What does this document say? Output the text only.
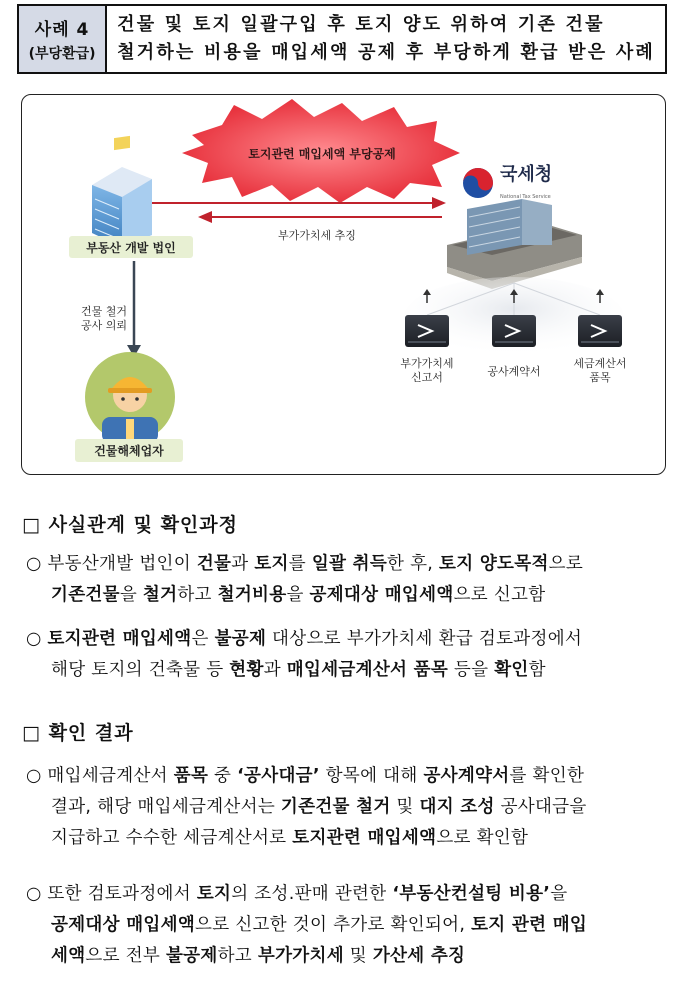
사례 4
(부당환급)
건물 및 토지 일괄구입 후 토지 양도 위하여 기존 건물
철거하는 비용을 매입세액 공제 후 부당하게 환급 받은 사례
토지관련 매입세액 부당공제
부가가치세 추징
부동산 개발 법인
건물 철거
공사 의뢰
건물해체업자
국세청
National Tax Service
부가가치세
신고서	공사계약서
세금계산서
품목
□ 사실관계 및 확인과정
○ 부동산개발 법인이 건물과 토지를 일괄 취득한 후, 토지 양도목적으로
기존건물을 철거하고 철거비용을 공제대상 매입세액으로 신고함
○ 토지관련 매입세액은 불공제 대상으로 부가가치세 환급 검토과정에서
해당 토지의 건축물 등 현황과 매입세금계산서 품목 등을 확인함
□ 확인 결과
○ 매입세금계산서 품목 중 ‘공사대금’ 항목에 대해 공사계약서를 확인한
결과, 해당 매입세금계산서는 기존건물 철거 및 대지 조성 공사대금을
지급하고 수수한 세금계산서로 토지관련 매입세액으로 확인함
○ 또한 검토과정에서 토지의 조성.판매 관련한 ‘부동산컨설팅 비용’을
공제대상 매입세액으로 신고한 것이 추가로 확인되어, 토지 관련 매입
세액으로 전부 불공제하고 부가가치세 및 가산세 추징
